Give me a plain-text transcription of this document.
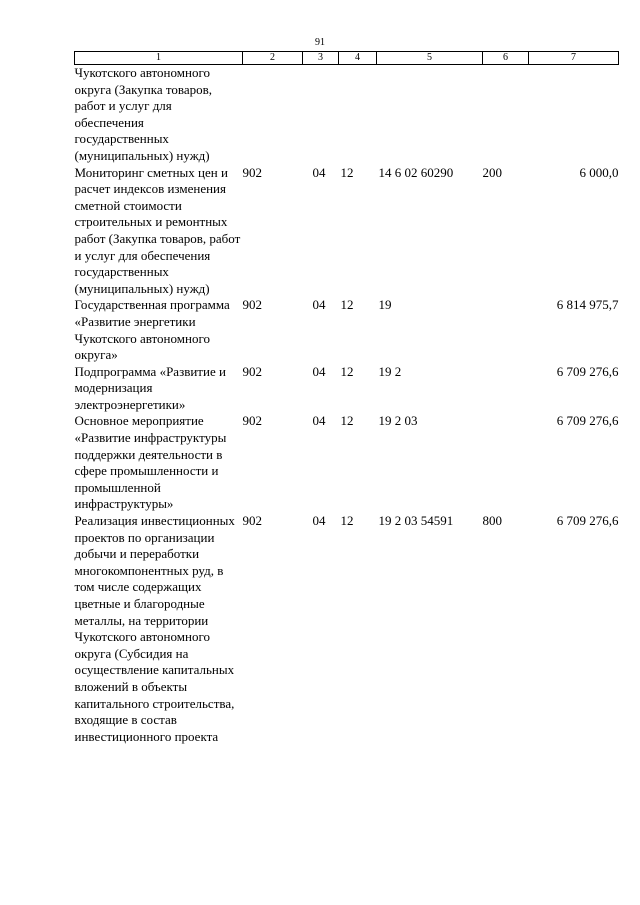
91
1	2	3	4	5	6	7
Чукотского автономного округа (Закупка товаров, работ и услуг для обеспечения государственных (муниципальных) нужд)						
Мониторинг сметных цен и расчет индексов изменения сметной стоимости строительных и ремонтных работ (Закупка товаров, работ и услуг для обеспечения государственных (муниципальных) нужд)	902	04	12	14 6 02 60290	200	6 000,0
Государственная программа «Развитие энергетики Чукотского автономного округа»	902	04	12	19		6 814 975,7
Подпрограмма «Развитие и модернизация электроэнергетики»	902	04	12	19 2		6 709 276,6
Основное мероприятие «Развитие инфраструктуры поддержки деятельности в сфере промышленности и промышленной инфраструктуры»	902	04	12	19 2 03		6 709 276,6
Реализация инвестиционных проектов по организации добычи и переработки многокомпонентных руд, в том числе содержащих цветные и благородные металлы, на территории Чукотского автономного округа (Субсидия на осуществление капитальных вложений в объекты капитального строительства, входящие в состав инвестиционного проекта	902	04	12	19 2 03 54591	800	6 709 276,6
